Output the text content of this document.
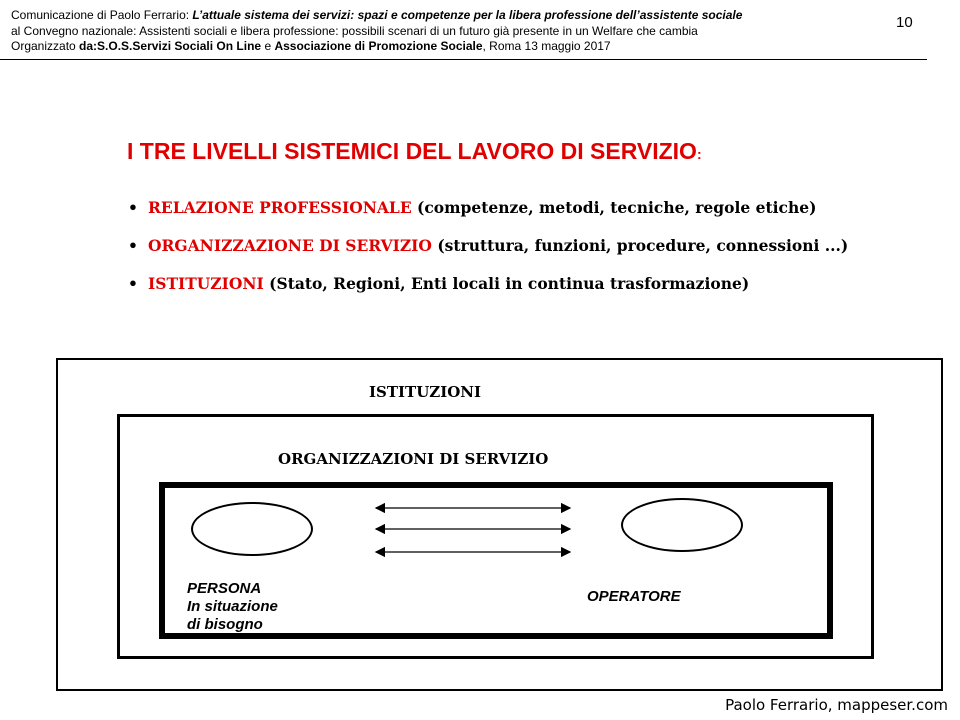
Comunicazione di Paolo Ferrario: L’attuale sistema dei servizi: spazi e competenze per la libera professione dell’assistente sociale
al Convegno nazionale: Assistenti sociali e libera professione: possibili scenari di un futuro già presente in un Welfare che cambia
Organizzato da:S.O.S.Servizi Sociali On Line e Associazione di Promozione Sociale, Roma 13 maggio 2017
10
I TRE LIVELLI SISTEMICI DEL LAVORO DI SERVIZIO:
• RELAZIONE PROFESSIONALE (competenze, metodi, tecniche, regole etiche)
• ORGANIZZAZIONE DI SERVIZIO (struttura, funzioni, procedure, connessioni ...)
• ISTITUZIONI (Stato, Regioni, Enti locali in continua trasformazione)
ISTITUZIONI
ORGANIZZAZIONI DI SERVIZIO
PERSONA
In situazione
di bisogno
OPERATORE
Paolo Ferrario, mappeser.com
